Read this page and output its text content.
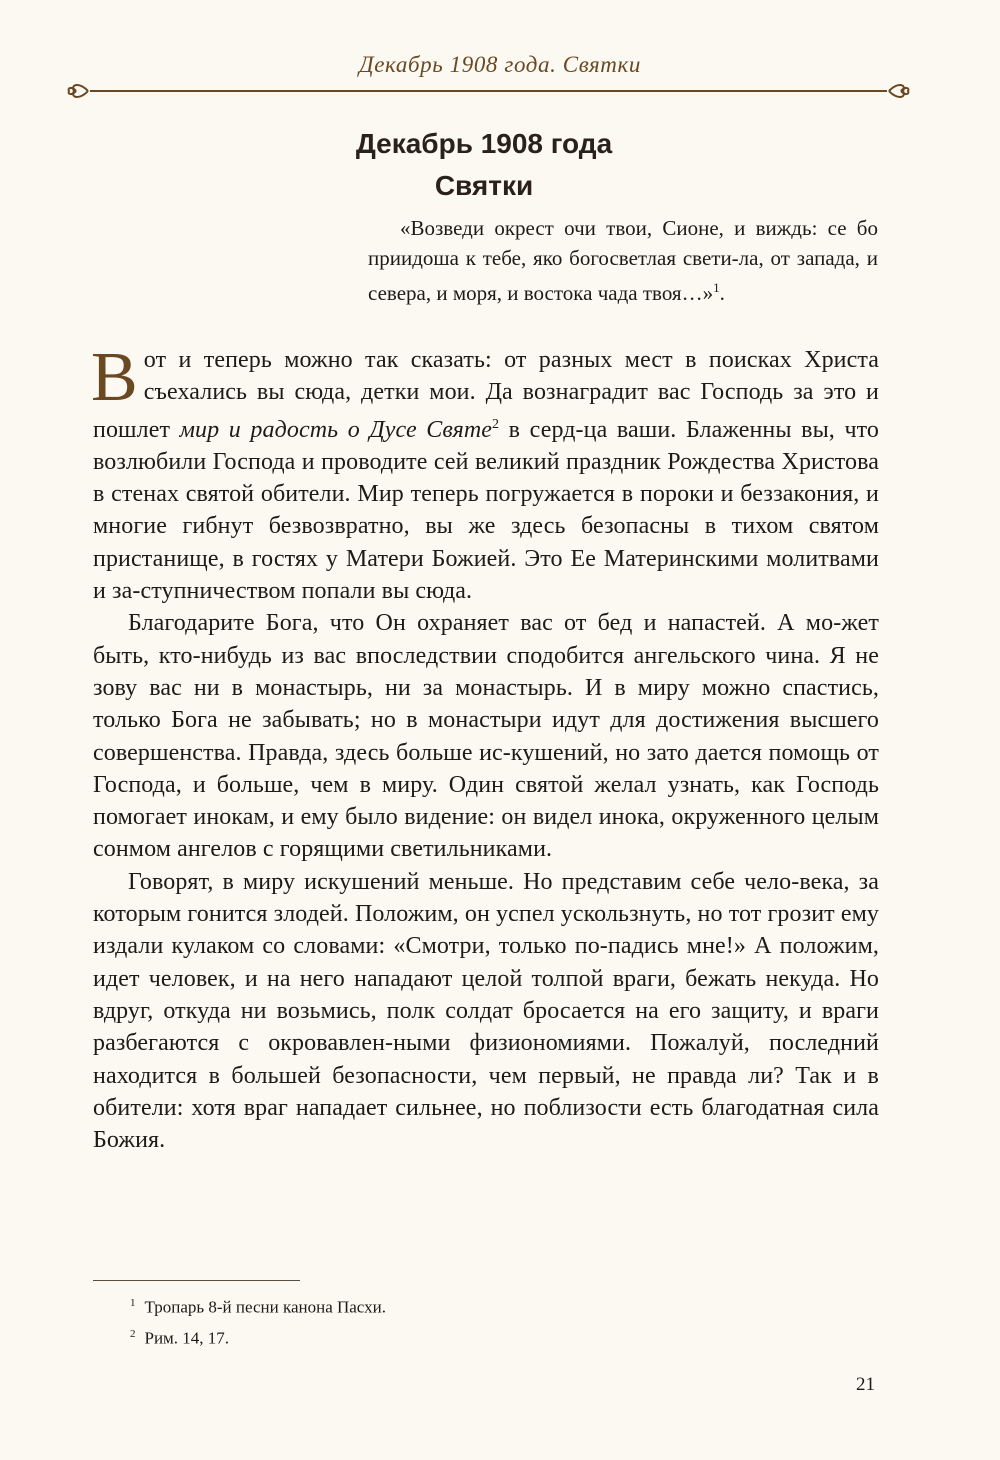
Декабрь 1908 года. Святки
Декабрь 1908 года
Святки
«Возведи окрест очи твои, Сионе, и виждь: се бо приидоша к тебе, яко богосветлая свети-ла, от запада, и севера, и моря, и востока чада твоя…»$^1$.

Вот и теперь можно так сказать: от разных мест в поисках Христа съехались вы сюда, детки мои. Да вознаградит вас Господь за это и пошлет мир и радость о Дусе Святе$^2$ в серд-ца ваши. Блаженны вы, что возлюбили Господа и проводите сей великий праздник Рождества Христова в стенах святой обители. Мир теперь погружается в пороки и беззакония, и многие гибнут безвозвратно, вы же здесь безопасны в тихом святом пристанище, в гостях у Матери Божией. Это Ее Материнскими молитвами и за-ступничеством попали вы сюда.

Благодарите Бога, что Он охраняет вас от бед и напастей. А мо-жет быть, кто-нибудь из вас впоследствии сподобится ангельского чина. Я не зову вас ни в монастырь, ни за монастырь. И в миру можно спастись, только Бога не забывать; но в монастыри идут для достижения высшего совершенства. Правда, здесь больше ис-кушений, но зато дается помощь от Господа, и больше, чем в миру. Один святой желал узнать, как Господь помогает инокам, и ему было видение: он видел инока, окруженного целым сонмом ангелов с горящими светильниками.

Говорят, в миру искушений меньше. Но представим себе чело-века, за которым гонится злодей. Положим, он успел ускользнуть, но тот грозит ему издали кулаком со словами: «Смотри, только по-падись мне!» А положим, идет человек, и на него нападают целой толпой враги, бежать некуда. Но вдруг, откуда ни возьмись, полк солдат бросается на его защиту, и враги разбегаются с окровавлен-ными физиономиями. Пожалуй, последний находится в большей безопасности, чем первый, не правда ли? Так и в обители: хотя враг нападает сильнее, но поблизости есть благодатная сила Божия.

$^1$ Тропарь 8-й песни канона Пасхи.
$^2$ Рим. 14, 17.
21
